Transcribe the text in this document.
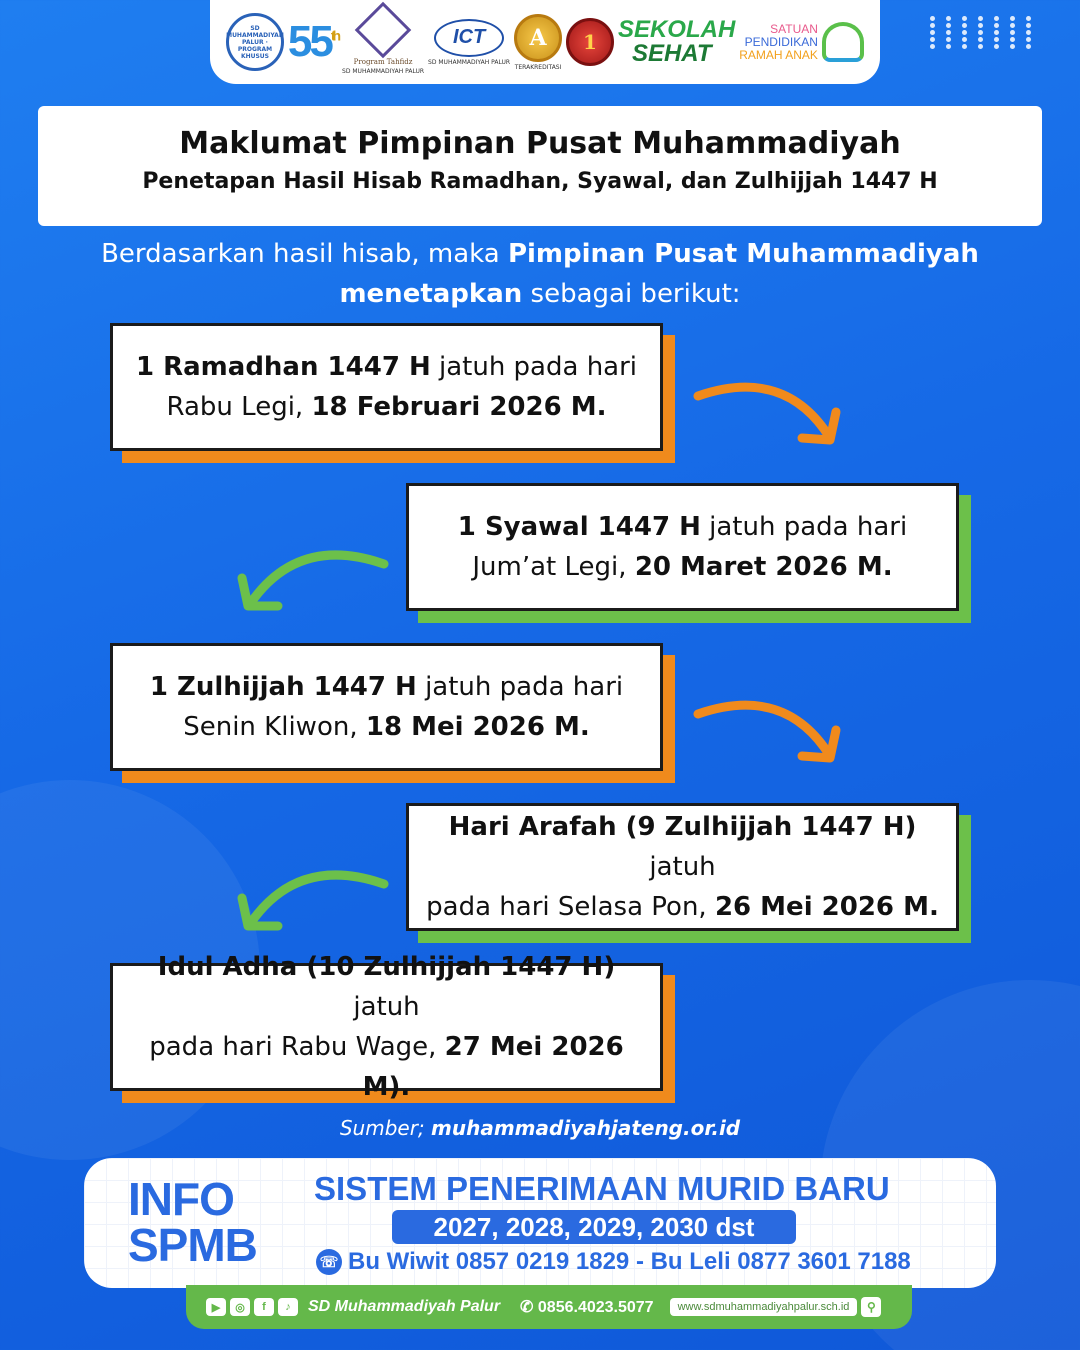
SD MUHAMMADIYAH PALUR · PROGRAM KHUSUS 55th
Program Tahfidz
SD MUHAMMADIYAH PALUR
ICT
SD MUHAMMADIYAH PALUR
A
TERAKREDITASI
1 SEKOLAH
SEHAT
SATUAN
PENDIDIKAN
RAMAH ANAK
Maklumat Pimpinan Pusat Muhammadiyah
Penetapan Hasil Hisab Ramadhan, Syawal, dan Zulhijjah 1447 H
Berdasarkan hasil hisab, maka Pimpinan Pusat Muhammadiyah
menetapkan sebagai berikut:

1 Ramadhan 1447 H jatuh pada hari
Rabu Legi, 18 Februari 2026 M.

1 Syawal 1447 H jatuh pada hari
Jum’at Legi, 20 Maret 2026 M.

1 Zulhijjah 1447 H jatuh pada hari
Senin Kliwon, 18 Mei 2026 M.

Hari Arafah (9 Zulhijjah 1447 H) jatuh
pada hari Selasa Pon, 26 Mei 2026 M.

Idul Adha (10 Zulhijjah 1447 H) jatuh
pada hari Rabu Wage, 27 Mei 2026 M).

Sumber; muhammadiyahjateng.or.id
INFO
SPMB
SISTEM PENERIMAAN MURID BARU
2027, 2028, 2029, 2030 dst
☏ Bu Wiwit 0857 0219 1829 - Bu Leli 0877 3601 7188
▶	◎	f	♪	SD Muhammadiyah Palur ✆ 0856.4023.5077	www.sdmuhammadiyahpalur.sch.id	⚲
